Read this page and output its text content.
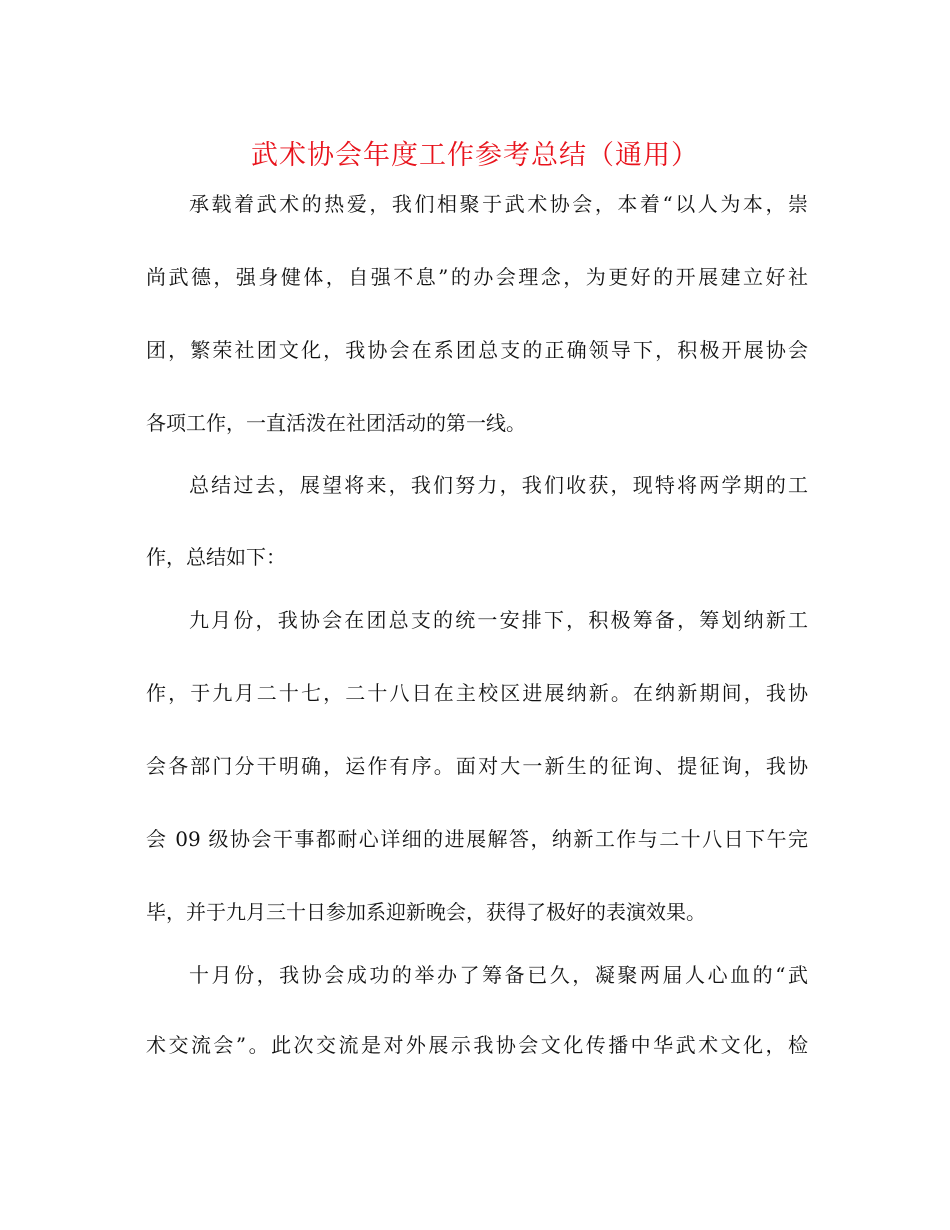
武术协会年度工作参考总结（通用）
承载着武术的热爱，我们相聚于武术协会，本着“以人为本，崇
尚武德，强身健体，自强不息”的办会理念，为更好的开展建立好社
团，繁荣社团文化，我协会在系团总支的正确领导下，积极开展协会
各项工作，一直活泼在社团活动的第一线。
总结过去，展望将来，我们努力，我们收获，现特将两学期的工
作，总结如下：
九月份，我协会在团总支的统一安排下，积极筹备，筹划纳新工
作，于九月二十七，二十八日在主校区进展纳新。在纳新期间，我协
会各部门分干明确，运作有序。面对大一新生的征询、提征询，我协
会 09 级协会干事都耐心详细的进展解答，纳新工作与二十八日下午完
毕，并于九月三十日参加系迎新晚会，获得了极好的表演效果。
十月份，我协会成功的举办了筹备已久，凝聚两届人心血的“武
术交流会”。此次交流是对外展示我协会文化传播中华武术文化，检
